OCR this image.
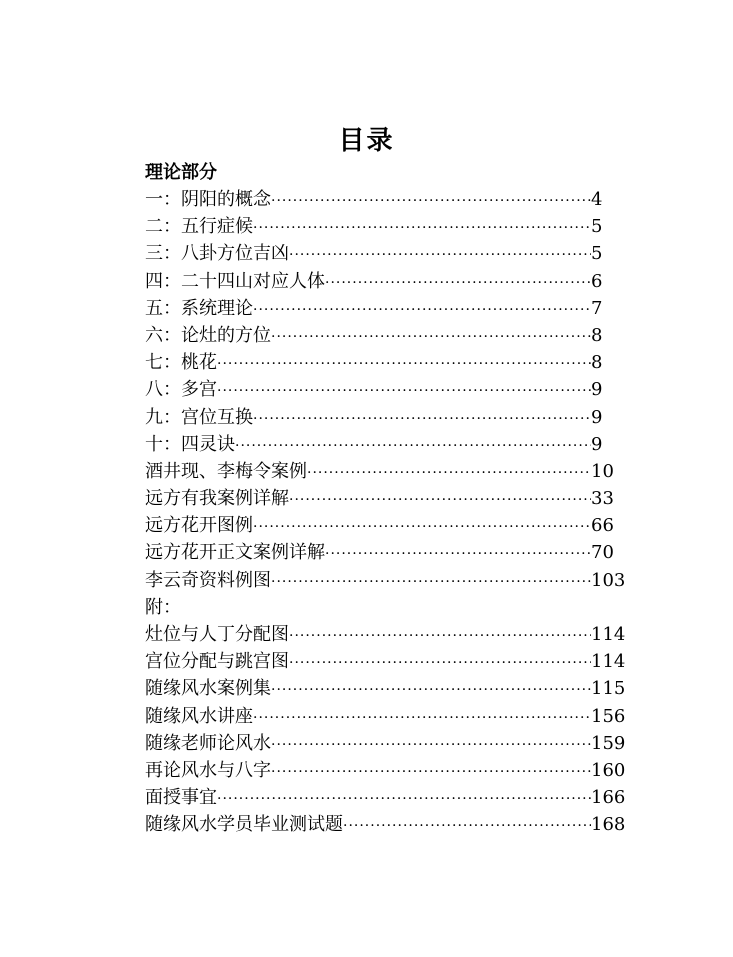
目录
理论部分
一：阴阳的概念 ·····	4
二：五行症候 ·····	5
三：八卦方位吉凶 ·····	5
四：二十四山对应人体 ·····	6
五：系统理论 ·····	7
六：论灶的方位 ·····	8
七：桃花 ·····	8
八：多宫 ·····	9
九：宫位互换 ·····	9
十：四灵诀 ·····	9
酒井现、李梅令案例 ·····	10
远方有我案例详解 ·····	33
远方花开图例 ·····	66
远方花开正文案例详解 ·····	70
李云奇资料例图 ·····	103
附：
灶位与人丁分配图 ·····	114
宫位分配与跳宫图 ·····	114
随缘风水案例集 ·····	115
随缘风水讲座 ·····	156
随缘老师论风水 ·····	159
再论风水与八字 ·····	160
面授事宜 ·····	166
随缘风水学员毕业测试题 ·····	168
